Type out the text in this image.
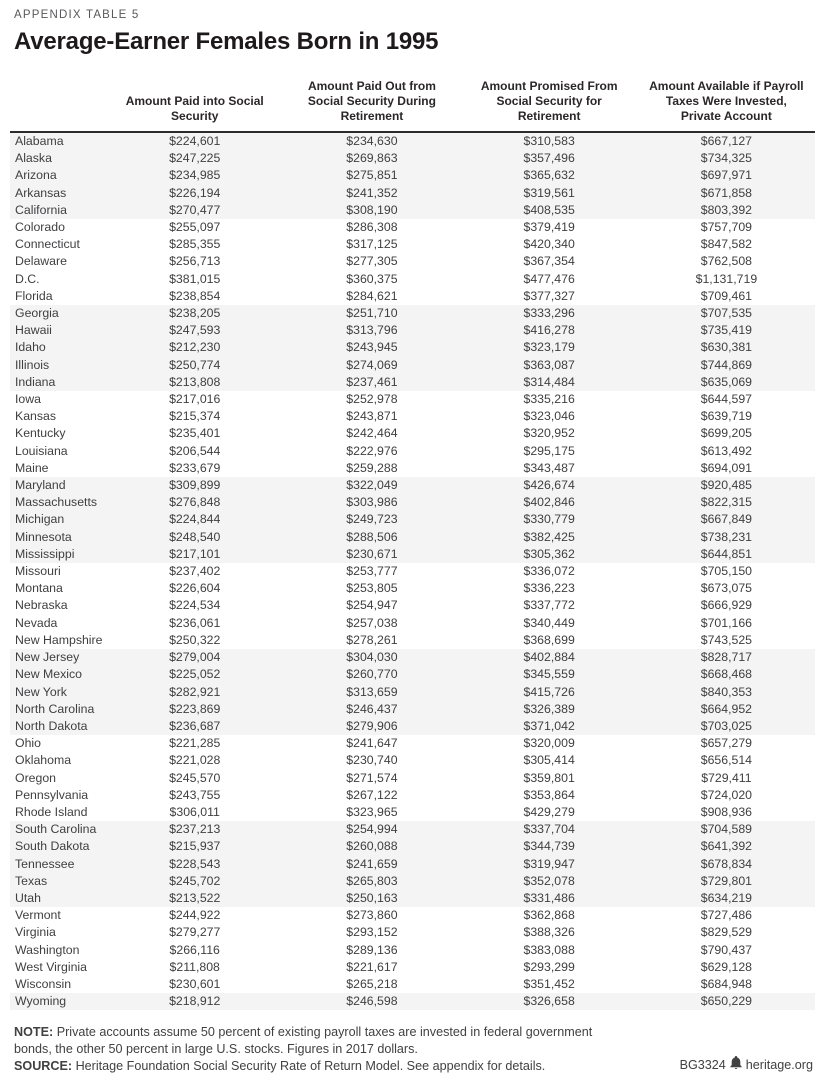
APPENDIX TABLE 5
Average-Earner Females Born in 1995
	Amount Paid into Social Security	Amount Paid Out from Social Security During Retirement	Amount Promised From Social Security for Retirement	Amount Available if Payroll Taxes Were Invested, Private Account
Alabama	$224,601	$234,630	$310,583	$667,127
Alaska	$247,225	$269,863	$357,496	$734,325
Arizona	$234,985	$275,851	$365,632	$697,971
Arkansas	$226,194	$241,352	$319,561	$671,858
California	$270,477	$308,190	$408,535	$803,392
Colorado	$255,097	$286,308	$379,419	$757,709
Connecticut	$285,355	$317,125	$420,340	$847,582
Delaware	$256,713	$277,305	$367,354	$762,508
D.C.	$381,015	$360,375	$477,476	$1,131,719
Florida	$238,854	$284,621	$377,327	$709,461
Georgia	$238,205	$251,710	$333,296	$707,535
Hawaii	$247,593	$313,796	$416,278	$735,419
Idaho	$212,230	$243,945	$323,179	$630,381
Illinois	$250,774	$274,069	$363,087	$744,869
Indiana	$213,808	$237,461	$314,484	$635,069
Iowa	$217,016	$252,978	$335,216	$644,597
Kansas	$215,374	$243,871	$323,046	$639,719
Kentucky	$235,401	$242,464	$320,952	$699,205
Louisiana	$206,544	$222,976	$295,175	$613,492
Maine	$233,679	$259,288	$343,487	$694,091
Maryland	$309,899	$322,049	$426,674	$920,485
Massachusetts	$276,848	$303,986	$402,846	$822,315
Michigan	$224,844	$249,723	$330,779	$667,849
Minnesota	$248,540	$288,506	$382,425	$738,231
Mississippi	$217,101	$230,671	$305,362	$644,851
Missouri	$237,402	$253,777	$336,072	$705,150
Montana	$226,604	$253,805	$336,223	$673,075
Nebraska	$224,534	$254,947	$337,772	$666,929
Nevada	$236,061	$257,038	$340,449	$701,166
New Hampshire	$250,322	$278,261	$368,699	$743,525
New Jersey	$279,004	$304,030	$402,884	$828,717
New Mexico	$225,052	$260,770	$345,559	$668,468
New York	$282,921	$313,659	$415,726	$840,353
North Carolina	$223,869	$246,437	$326,389	$664,952
North Dakota	$236,687	$279,906	$371,042	$703,025
Ohio	$221,285	$241,647	$320,009	$657,279
Oklahoma	$221,028	$230,740	$305,414	$656,514
Oregon	$245,570	$271,574	$359,801	$729,411
Pennsylvania	$243,755	$267,122	$353,864	$724,020
Rhode Island	$306,011	$323,965	$429,279	$908,936
South Carolina	$237,213	$254,994	$337,704	$704,589
South Dakota	$215,937	$260,088	$344,739	$641,392
Tennessee	$228,543	$241,659	$319,947	$678,834
Texas	$245,702	$265,803	$352,078	$729,801
Utah	$213,522	$250,163	$331,486	$634,219
Vermont	$244,922	$273,860	$362,868	$727,486
Virginia	$279,277	$293,152	$388,326	$829,529
Washington	$266,116	$289,136	$383,088	$790,437
West Virginia	$211,808	$221,617	$293,299	$629,128
Wisconsin	$230,601	$265,218	$351,452	$684,948
Wyoming	$218,912	$246,598	$326,658	$650,229
NOTE: Private accounts assume 50 percent of existing payroll taxes are invested in federal government bonds, the other 50 percent in large U.S. stocks. Figures in 2017 dollars.
SOURCE: Heritage Foundation Social Security Rate of Return Model. See appendix for details.	BG3324 heritage.org
